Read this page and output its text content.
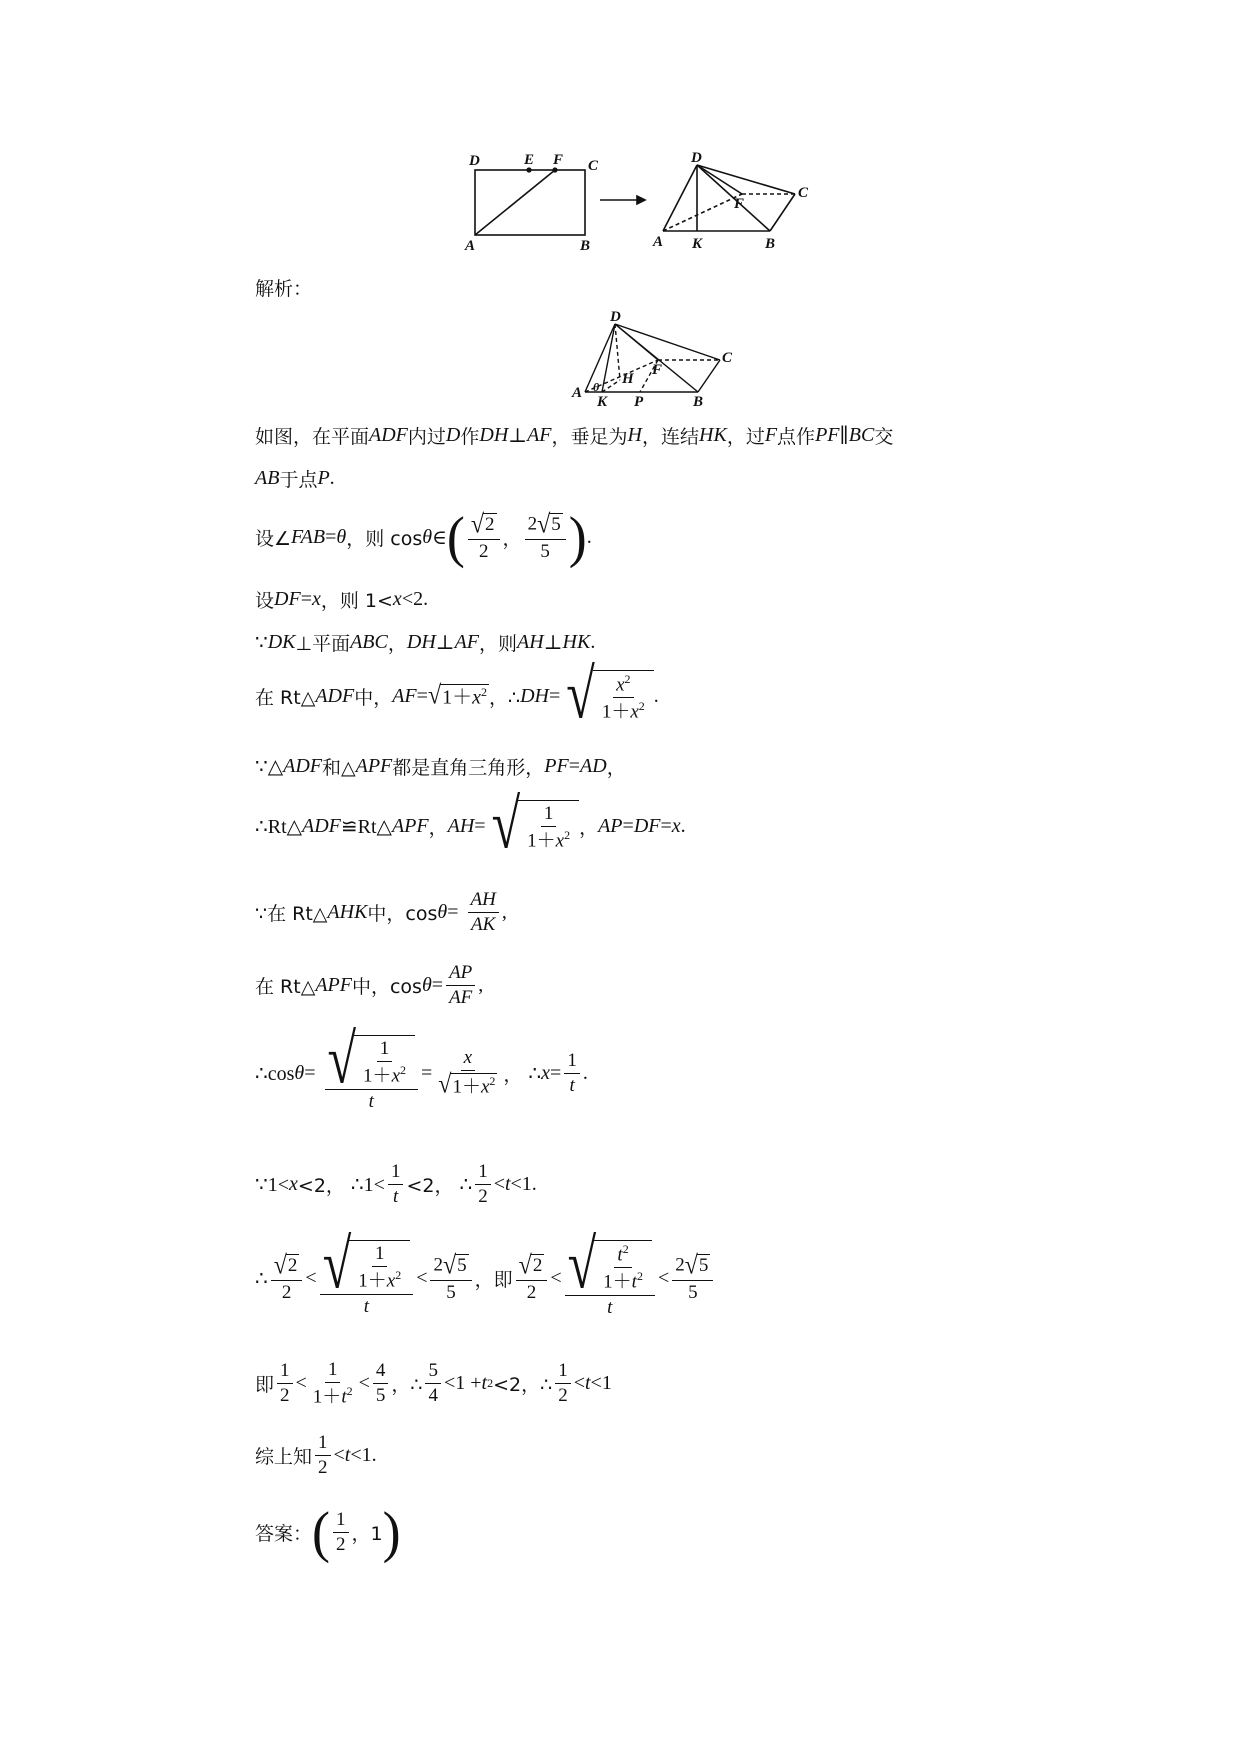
D	E F C
A	B
D
C
F
A K	B
解析：
D
C
F
H
θ
A
K P	B
如图，在平面 ADF 内过 D 作 DH ⊥ AF ，垂足为 H ，连结 HK ，过 F 点作 PF ∥ BC 交
AB 于点 P .
设∠ FAB = θ ，则 cos θ ∈ ( $\frac{√ 2}{2}$ ， $\frac{2 √ 5}{5}$ ) .
设 DF = x ，则 1< x <2.
∵ DK ⊥平面 ABC ， DH ⊥ AF ，则 AH ⊥ HK .
在 Rt△ ADF 中， AF = √ $1+x^2$ ，∴ DH = √ $\frac{x^2}{1+x^2}$ .
∵△ ADF 和△ APF 都是直角三角形， PF = AD ，
∴Rt△ ADF ≌Rt△ APF ， AH = √ $\frac{1}{1+x^2}$ ， AP = DF = x .
∵在 Rt△ AHK 中，$\cos \theta = \frac{AH}{AK}$ ,
在 Rt△ APF 中，$\cos \theta = \frac{AP}{AF}$ ,
∴cos $\theta = \frac{√ \frac{1}{1+x^2}}{t} = \frac{x}{√ 1+x^2}$ ， ∴ $x = \frac{1}{t}$ .
∵1< x <2， ∴1< $\frac{1}{t} <2$， ∴ $\frac{1}{2} < t <1$.
∴ $\frac{√ 2}{2} < \frac{√ \frac{1}{1+x^2}}{t} < \frac{2 √ 5}{5}$ ，即 $\frac{√ 2}{2} < \frac{√ \frac{t^2}{1+t^2}}{t} < \frac{2 √ 5}{5}$
即 $\frac{1}{2} < \frac{1}{1+t^2} < \frac{4}{5}$ ，∴ $\frac{5}{4} <1 + t$ 2 <2，∴ $\frac{1}{2} < t <1$
综上知 $\frac{1}{2} < t <1$.
答案： ( $\frac{1}{2}$ ，1 )
